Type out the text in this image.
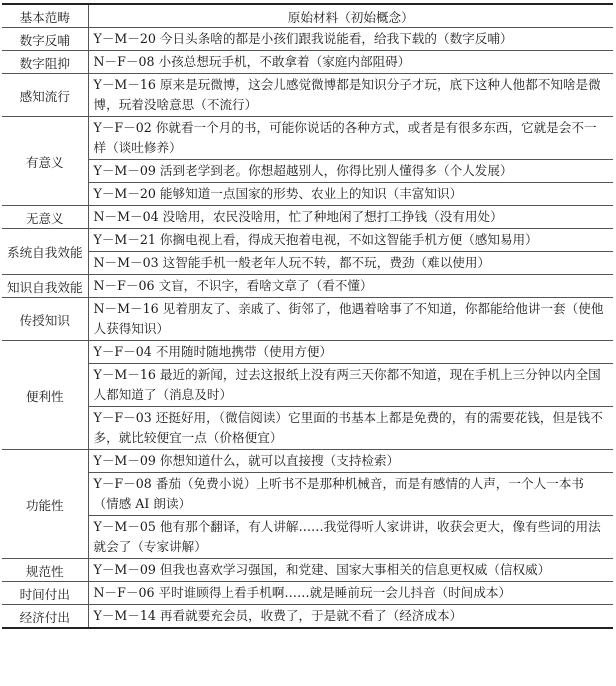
基本范畴	原始材料（初始概念）
数字反哺	Y－M－20 今日头条啥的都是小孩们跟我说能看，给我下载的（数字反哺）
数字阻抑	N－F－08 小孩总想玩手机，不敢拿着（家庭内部阻碍）
感知流行	Y－M－16 原来是玩微博，这会儿感觉微博都是知识分子才玩，底下这种人他都不知啥是微博，玩着没啥意思（不流行）
有意义	Y－F－02 你就看一个月的书，可能你说话的各种方式，或者是有很多东西，它就是会不一样（谈吐修养）
	Y－M－09 活到老学到老。你想超越别人，你得比别人懂得多（个人发展）
	Y－M－20 能够知道一点国家的形势、农业上的知识（丰富知识）
无意义	N－M－04 没啥用，农民没啥用，忙了种地闲了想打工挣钱（没有用处）
系统自我效能	Y－M－21 你搁电视上看，得成天抱着电视，不如这智能手机方便（感知易用）
	N－M－03 这智能手机一般老年人玩不转，都不玩，费劲（难以使用）
知识自我效能	N－F－06 文盲，不识字，看啥文章了（看不懂）
传授知识	N－M－16 见着朋友了、亲戚了、街邻了，他遇着啥事了不知道，你都能给他讲一套（使他人获得知识）
便利性	Y－F－04 不用随时随地携带（使用方便）
	Y－M－16 最近的新闻，过去这报纸上没有两三天你都不知道，现在手机上三分钟以内全国人都知道了（消息及时）
	Y－F－03 还挺好用，（微信阅读）它里面的书基本上都是免费的，有的需要花钱，但是钱不多，就比较便宜一点（价格便宜）
功能性	Y－M－09 你想知道什么，就可以直接搜（支持检索）
	Y－F－08 番茄（免费小说）上听书不是那种机械音，而是有感情的人声，一个人一本书（情感 AI 朗读）
	Y－M－05 他有那个翻译，有人讲解……我觉得听人家讲讲，收获会更大，像有些词的用法就会了（专家讲解）
规范性	Y－M－09 但我也喜欢学习强国，和党建、国家大事相关的信息更权威（信权威）
时间付出	N－F－06 平时谁顾得上看手机啊……就是睡前玩一会儿抖音（时间成本）
经济付出	Y－M－14 再看就要充会员，收费了，于是就不看了（经济成本）
